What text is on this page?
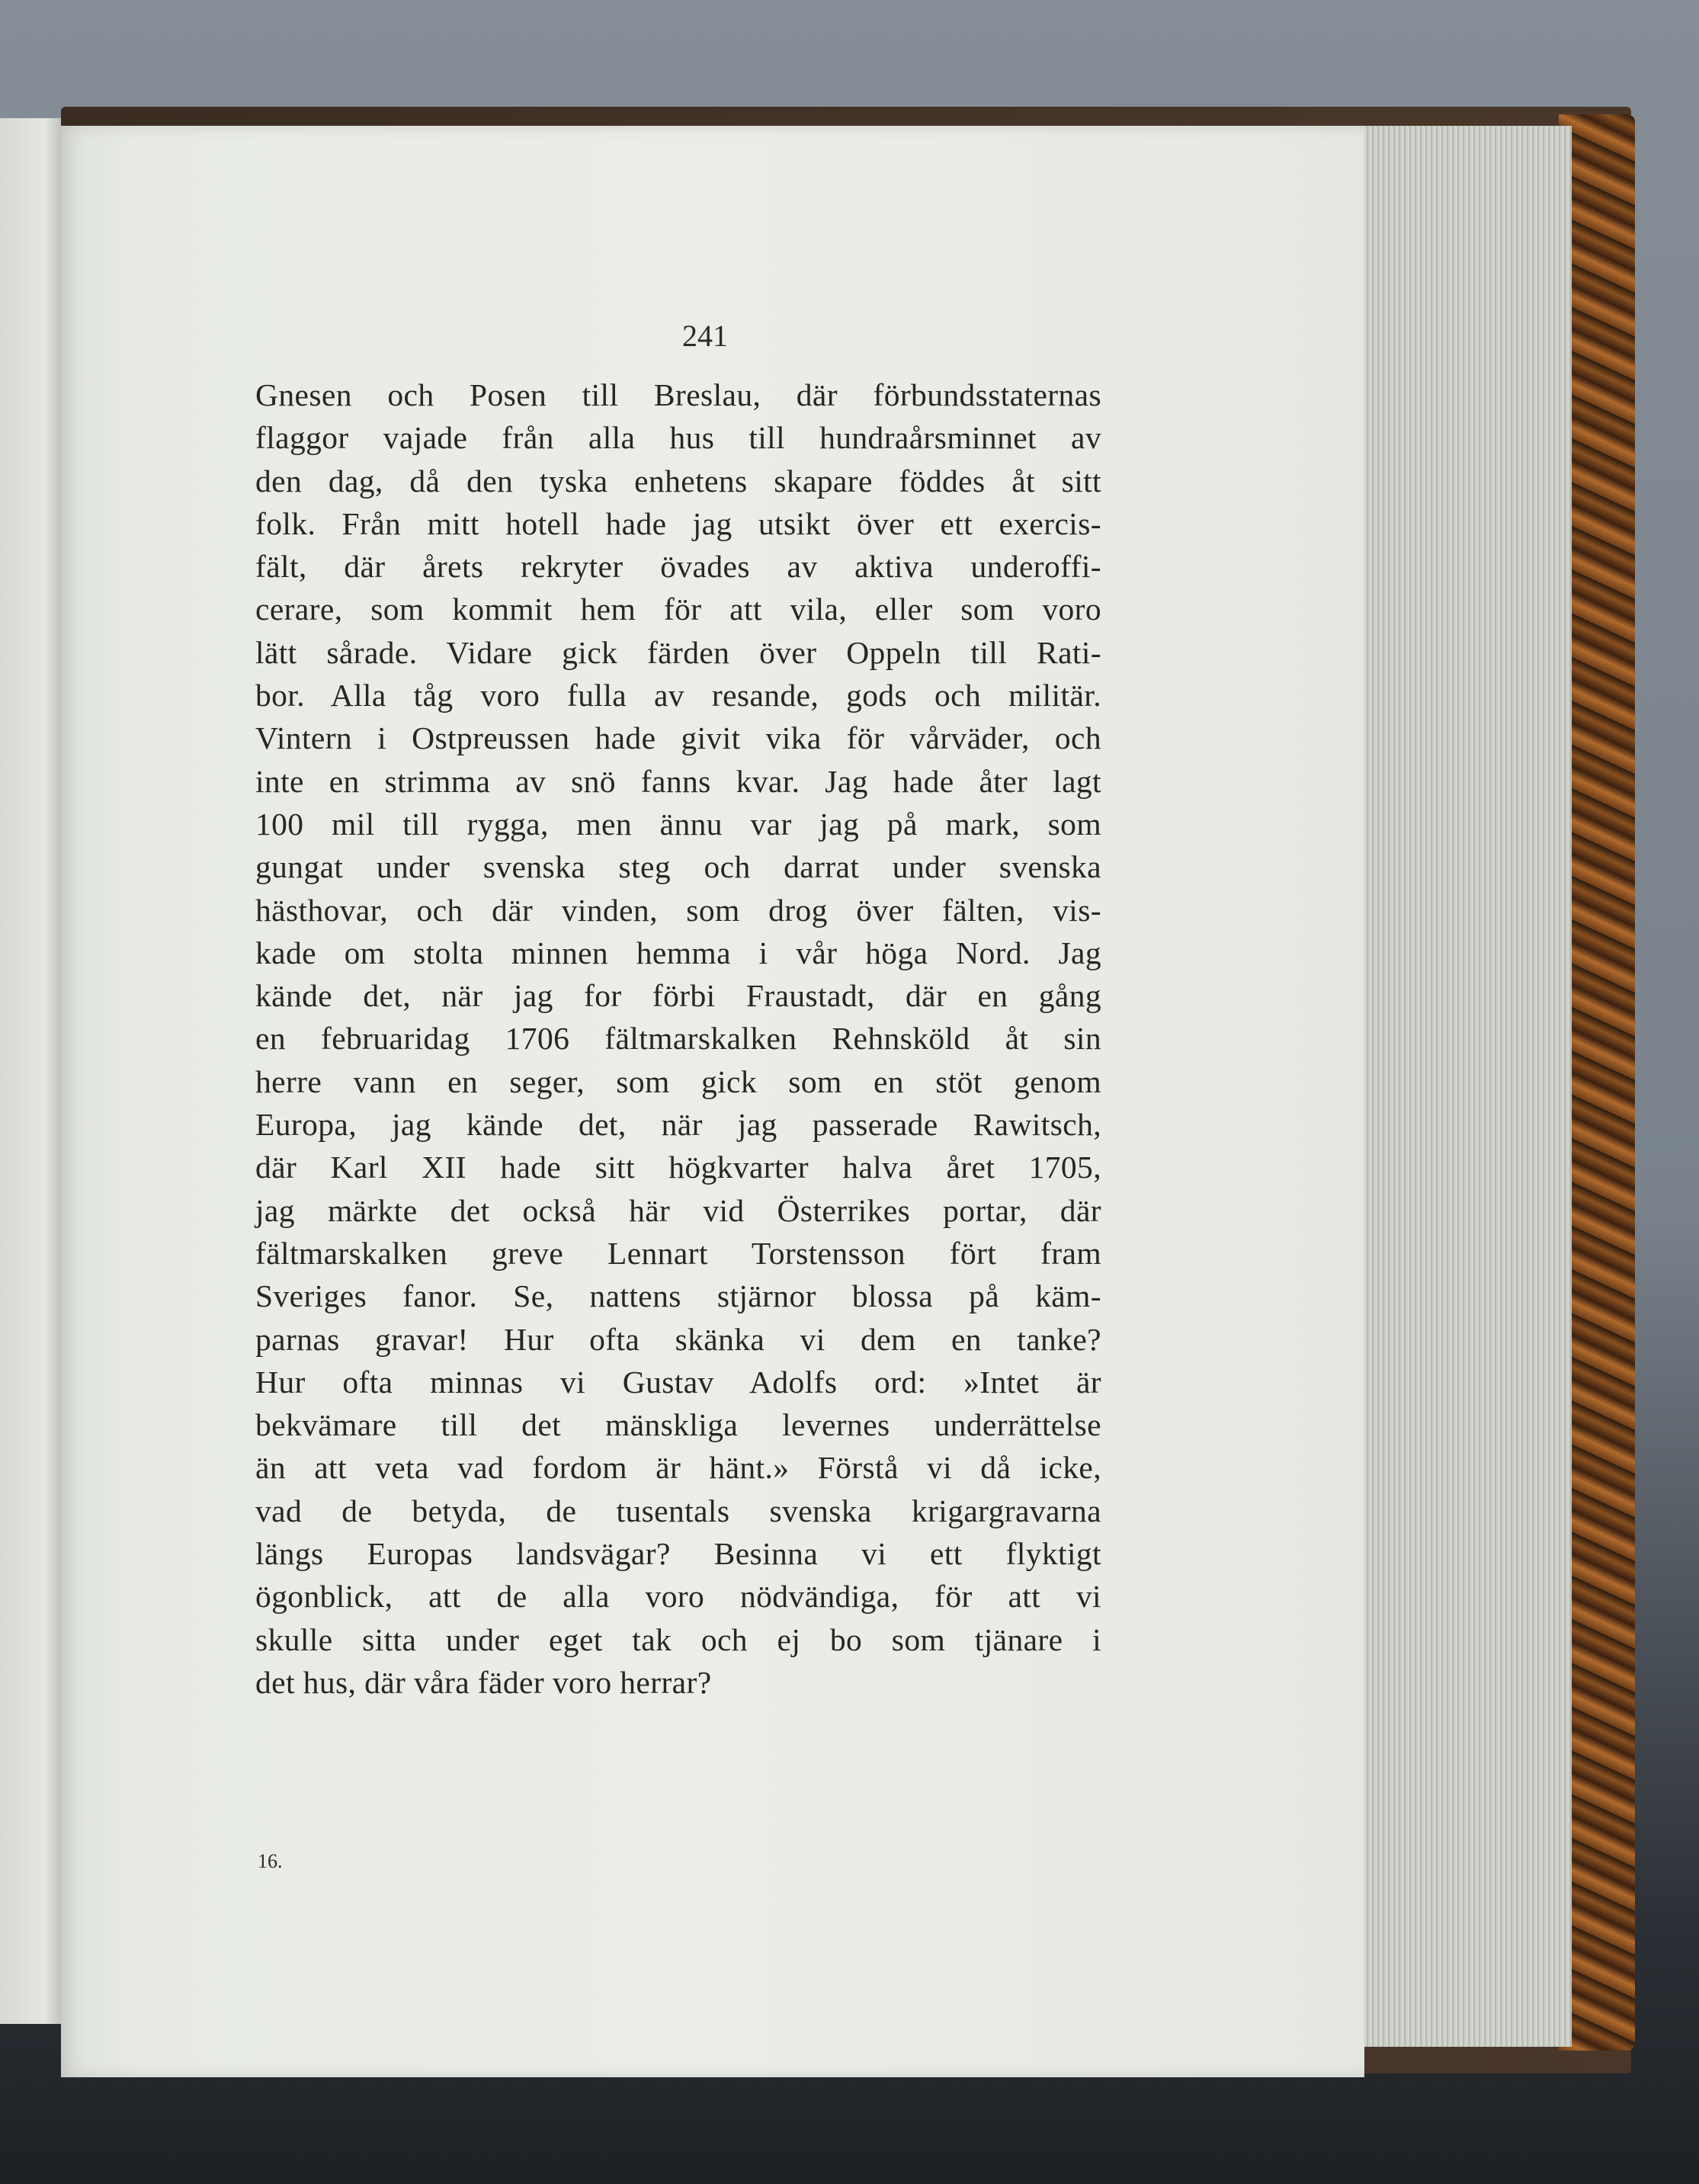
241
Gnesen och Posen till Breslau, där förbundsstaternas
flaggor vajade från alla hus till hundraårsminnet av
den dag, då den tyska enhetens skapare föddes åt sitt
folk. Från mitt hotell hade jag utsikt över ett exercis-
fält, där årets rekryter övades av aktiva underoffi-
cerare, som kommit hem för att vila, eller som voro
lätt sårade. Vidare gick färden över Oppeln till Rati-
bor. Alla tåg voro fulla av resande, gods och militär.
Vintern i Ostpreussen hade givit vika för vårväder, och
inte en strimma av snö fanns kvar. Jag hade åter lagt
100 mil till rygga, men ännu var jag på mark, som
gungat under svenska steg och darrat under svenska
hästhovar, och där vinden, som drog över fälten, vis-
kade om stolta minnen hemma i vår höga Nord. Jag
kände det, när jag for förbi Fraustadt, där en gång
en februaridag 1706 fältmarskalken Rehnsköld åt sin
herre vann en seger, som gick som en stöt genom
Europa, jag kände det, när jag passerade Rawitsch,
där Karl XII hade sitt högkvarter halva året 1705,
jag märkte det också här vid Österrikes portar, där
fältmarskalken greve Lennart Torstensson fört fram
Sveriges fanor. Se, nattens stjärnor blossa på käm-
parnas gravar! Hur ofta skänka vi dem en tanke?
Hur ofta minnas vi Gustav Adolfs ord: »Intet är
bekvämare till det mänskliga levernes underrättelse
än att veta vad fordom är hänt.» Förstå vi då icke,
vad de betyda, de tusentals svenska krigargravarna
längs Europas landsvägar? Besinna vi ett flyktigt
ögonblick, att de alla voro nödvändiga, för att vi
skulle sitta under eget tak och ej bo som tjänare i
det hus, där våra fäder voro herrar?
16.
